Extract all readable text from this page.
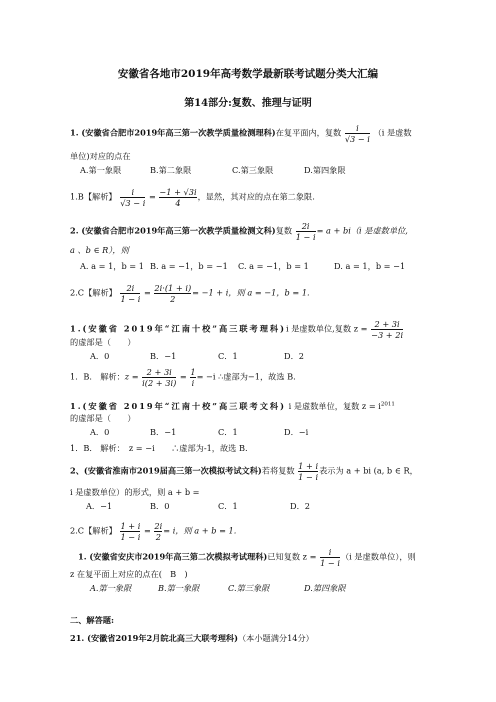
安徽省各地市2019年高考数学最新联考试题分类大汇编
第14部分:复数、推理与证明
1. (安徽省合肥市2019年高三第一次教学质量检测理科)在复平面内，复数 $\frac{i}{√3 - i} (i$ 是虚数
单位)对应的点在
A.第一象限	B.第二象限	C.第三象限	D.第四象限
1.B【解析】 $\frac{i}{√3 - i} = \frac{-1 + √3i}{4}$ ，显然，其对应的点在第二象限.
2. (安徽省合肥市2019年高三第一次教学质量检测文科)复数 $\frac{2i}{1 - i} = a + bi(i$ 是虚数单位,
a 、b ∈ R），则
A. a = 1，b = 1 B. a = −1，b = −1 C. a = −1，b = 1	D. a = 1，b = −1
2.C【解析】 $\frac{2i}{1 - i} = \frac{2i\cdot(1 + i)}{2} = -1 + i$，则 a = −1，b = 1.
1.(安徽省 2019年“江南十校”高三联考理科)i 是虚数单位,复数 $z = \frac{2 + 3i}{-3 + 2i}$
的虚部是（　　）
A．0	B．−1	C．1	D．2
1．B． 解析：$z = \frac{2 + 3i}{i(2 + 3i)} = \frac{1}{i} = -i$ ∴虚部为−1，故选 B.
1.(安徽省 2019年“江南十校”高三联考文科) i 是虚数单位，复数 $z = i^{2011}$
的虚部是（　　）
A．0	B．−1	C．1	D．−i
1．B． 解析：　z = −i　　∴虚部为-1，故选 B.
2、(安徽省淮南市2019届高三第一次模拟考试文科)若将复数 $\frac{1 + i}{1 - i}$ 表示为 a + bi (a, b ∈ R，
i 是虚数单位）的形式，则 a + b =
A．−1	B．0	C．1	D．2
2.C【解析】 $\frac{1 + i}{1 - i} = \frac{2i}{2} = i$，则 a + b = 1.
1. (安徽省安庆市2019年高三第二次模拟考试理科)已知复数 $z = \frac{i}{1 - i} (i$ 是虚数单位），则
z 在复平面上对应的点在(　B　)
A.第一象限	B.第一象限	C.第三象限	D.第四象限
二、解答题:
21. (安徽省2019年2月皖北高三大联考理科)（本小题满分14分）
